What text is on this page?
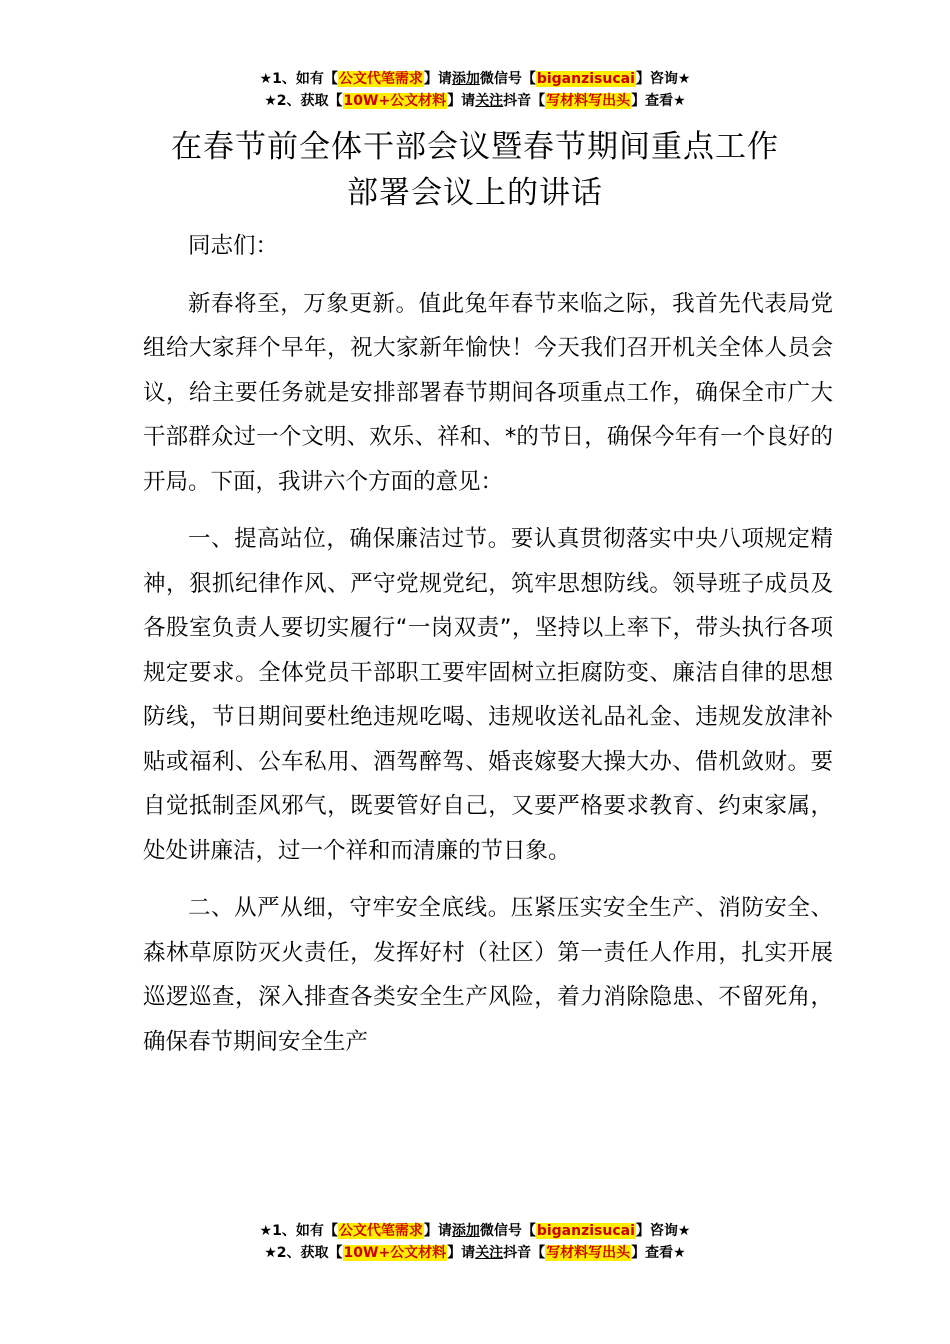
★1、如有【公文代笔需求】请添加微信号【biganzisucai】咨询★
★2、获取【10W+公文材料】请关注抖音【写材料写出头】查看★
在春节前全体干部会议暨春节期间重点工作
部署会议上的讲话

同志们：

新春将至，万象更新。值此兔年春节来临之际，我首先代表局党组给大家拜个早年，祝大家新年愉快！今天我们召开机关全体人员会议，给主要任务就是安排部署春节期间各项重点工作，确保全市广大干部群众过一个文明、欢乐、祥和、*的节日，确保今年有一个良好的开局。下面，我讲六个方面的意见：

一、提高站位，确保廉洁过节。要认真贯彻落实中央八项规定精神，狠抓纪律作风、严守党规党纪，筑牢思想防线。领导班子成员及各股室负责人要切实履行“一岗双责”，坚持以上率下，带头执行各项规定要求。全体党员干部职工要牢固树立拒腐防变、廉洁自律的思想防线，节日期间要杜绝违规吃喝、违规收送礼品礼金、违规发放津补贴或福利、公车私用、酒驾醉驾、婚丧嫁娶大操大办、借机敛财。要自觉抵制歪风邪气，既要管好自己，又要严格要求教育、约束家属，处处讲廉洁，过一个祥和而清廉的节日象。

二、从严从细，守牢安全底线。压紧压实安全生产、消防安全、森林草原防灭火责任，发挥好村（社区）第一责任人作用，扎实开展巡逻巡查，深入排查各类安全生产风险，着力消除隐患、不留死角，确保春节期间安全生产

★1、如有【公文代笔需求】请添加微信号【biganzisucai】咨询★
★2、获取【10W+公文材料】请关注抖音【写材料写出头】查看★
